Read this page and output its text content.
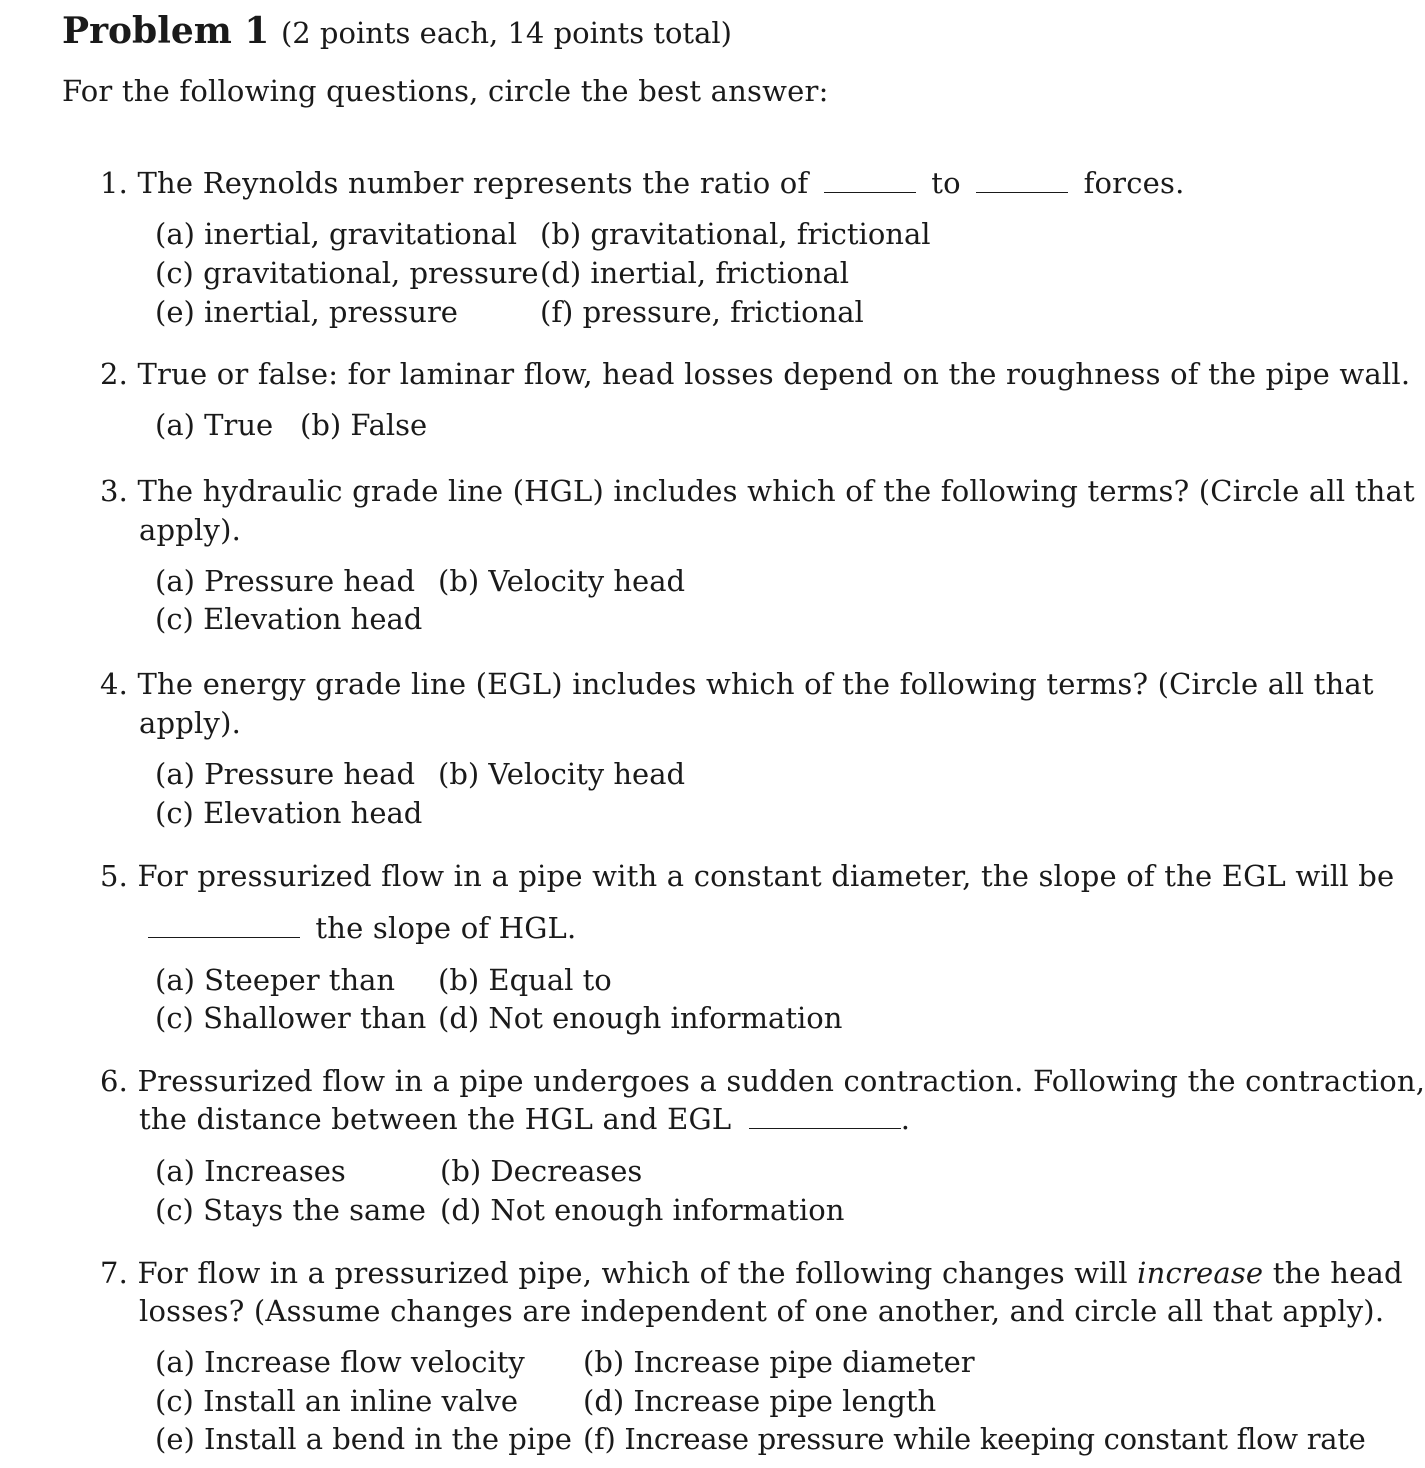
Problem 1 (2 points each, 14 points total)
For the following questions, circle the best answer:
1. The Reynolds number represents the ratio of	to	forces.
(a) inertial, gravitational (b) gravitational, frictional
(c) gravitational, pressure (d) inertial, frictional
(e) inertial, pressure	(f) pressure, frictional
2. True or false: for laminar flow, head losses depend on the roughness of the pipe wall.
(a) True (b) False
3. The hydraulic grade line (HGL) includes which of the following terms? (Circle all that
apply).
(a) Pressure head (b) Velocity head
(c) Elevation head
4. The energy grade line (EGL) includes which of the following terms? (Circle all that
apply).
(a) Pressure head (b) Velocity head
(c) Elevation head
5. For pressurized flow in a pipe with a constant diameter, the slope of the EGL will be
the slope of HGL.
(a) Steeper than (b) Equal to
(c) Shallower than (d) Not enough information
6. Pressurized flow in a pipe undergoes a sudden contraction. Following the contraction,
the distance between the HGL and EGL	.
(a) Increases	(b) Decreases
(c) Stays the same (d) Not enough information
7. For flow in a pressurized pipe, which of the following changes will increase the head
losses? (Assume changes are independent of one another, and circle all that apply).
(a) Increase flow velocity (b) Increase pipe diameter
(c) Install an inline valve (d) Increase pipe length
(e) Install a bend in the pipe (f) Increase pressure while keeping constant flow rate
